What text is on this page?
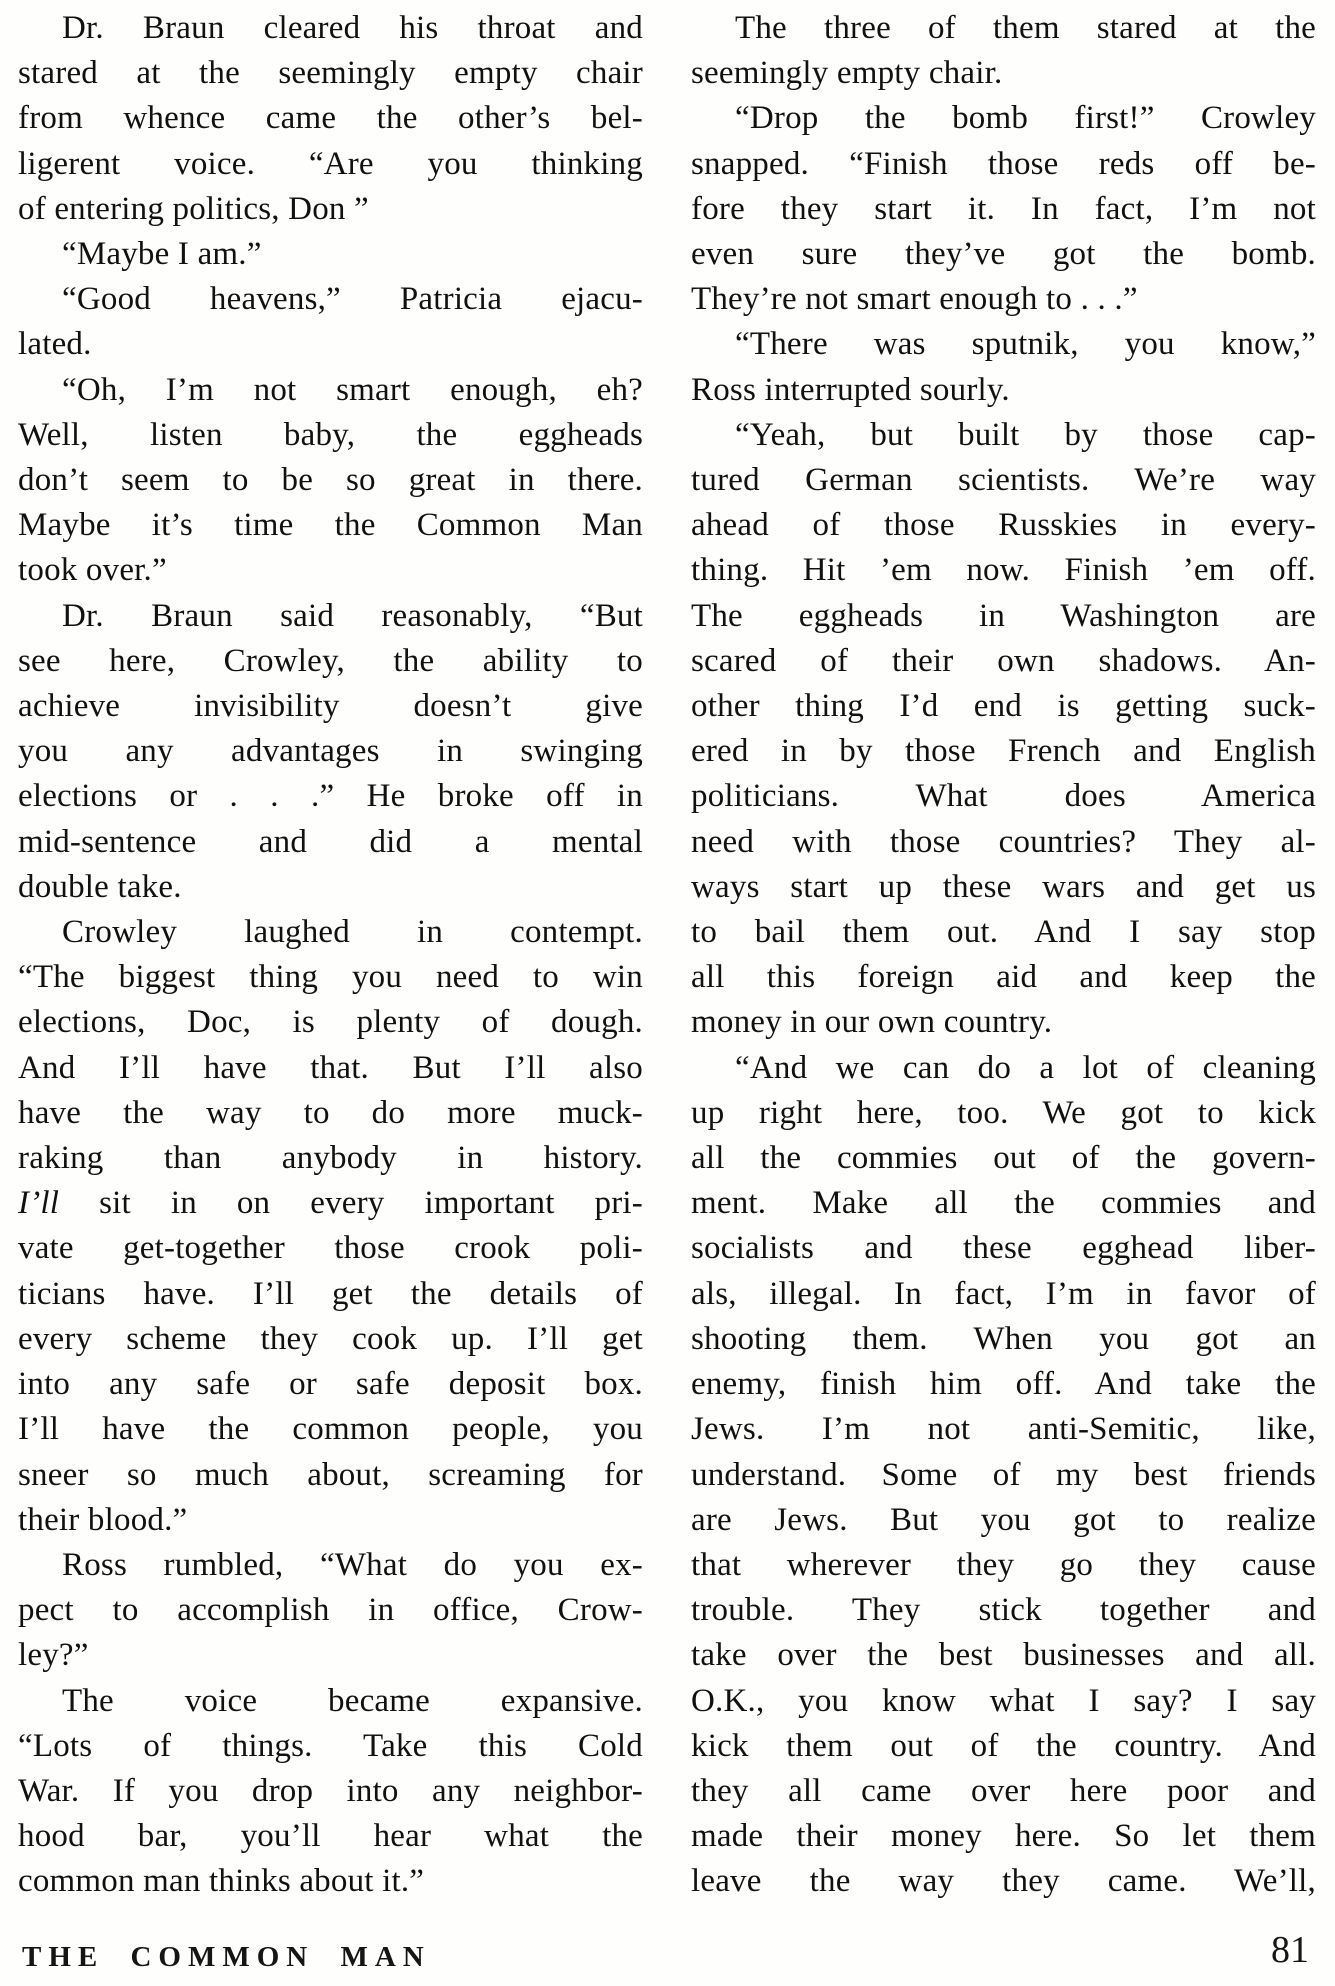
Dr. Braun cleared his throat and
stared at the seemingly empty chair
from whence came the other’s bel-
ligerent voice. “Are you thinking
of entering politics, Don ”
“Maybe I am.”
“Good heavens,” Patricia ejacu-
lated.
“Oh, I’m not smart enough, eh?
Well, listen baby, the eggheads
don’t seem to be so great in there.
Maybe it’s time the Common Man
took over.”
Dr. Braun said reasonably, “But
see here, Crowley, the ability to
achieve invisibility doesn’t give
you any advantages in swinging
elections or . . .” He broke off in
mid-sentence and did a mental
double take.
Crowley laughed in contempt.
“The biggest thing you need to win
elections, Doc, is plenty of dough.
And I’ll have that. But I’ll also
have the way to do more muck-
raking than anybody in history.
I’ll sit in on every important pri-
vate get-together those crook poli-
ticians have. I’ll get the details of
every scheme they cook up. I’ll get
into any safe or safe deposit box.
I’ll have the common people, you
sneer so much about, screaming for
their blood.”
Ross rumbled, “What do you ex-
pect to accomplish in office, Crow-
ley?”
The voice became expansive.
“Lots of things. Take this Cold
War. If you drop into any neighbor-
hood bar, you’ll hear what the
common man thinks about it.”
The three of them stared at the
seemingly empty chair.
“Drop the bomb first!” Crowley
snapped. “Finish those reds off be-
fore they start it. In fact, I’m not
even sure they’ve got the bomb.
They’re not smart enough to . . .”
“There was sputnik, you know,”
Ross interrupted sourly.
“Yeah, but built by those cap-
tured German scientists. We’re way
ahead of those Russkies in every-
thing. Hit ’em now. Finish ’em off.
The eggheads in Washington are
scared of their own shadows. An-
other thing I’d end is getting suck-
ered in by those French and English
politicians. What does America
need with those countries? They al-
ways start up these wars and get us
to bail them out. And I say stop
all this foreign aid and keep the
money in our own country.
“And we can do a lot of cleaning
up right here, too. We got to kick
all the commies out of the govern-
ment. Make all the commies and
socialists and these egghead liber-
als, illegal. In fact, I’m in favor of
shooting them. When you got an
enemy, finish him off. And take the
Jews. I’m not anti-Semitic, like,
understand. Some of my best friends
are Jews. But you got to realize
that wherever they go they cause
trouble. They stick together and
take over the best businesses and all.
O.K., you know what I say? I say
kick them out of the country. And
they all came over here poor and
made their money here. So let them
leave the way they came. We’ll,
THE COMMON MAN	81
